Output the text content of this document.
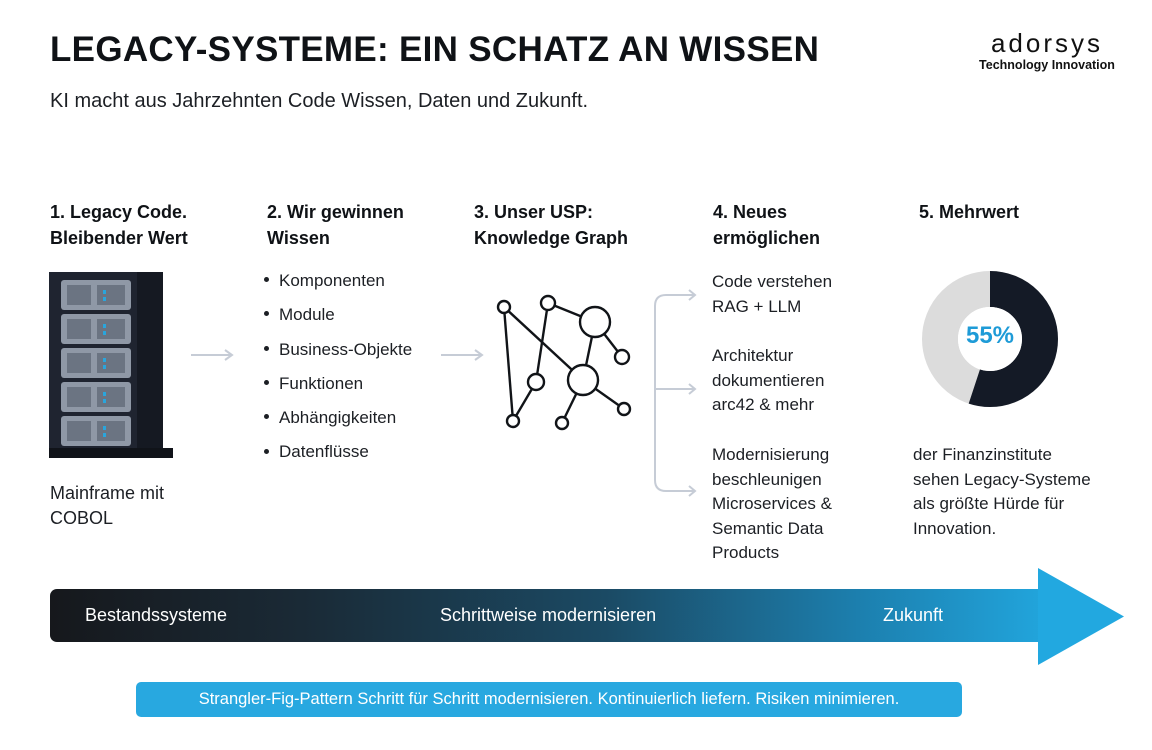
LEGACY-SYSTEME: EIN SCHATZ AN WISSEN
KI macht aus Jahrzehnten Code Wissen, Daten und Zukunft.
adorsys
Technology Innovation
1. Legacy Code.
Bleibender Wert
Mainframe mit
COBOL
2. Wir gewinnen
Wissen
Komponenten
Module
Business-Objekte
Funktionen
Abhängigkeiten
Datenflüsse
3. Unser USP:
Knowledge Graph
4. Neues
ermöglichen
Code verstehen
RAG + LLM
Architektur
dokumentieren
arc42 & mehr
Modernisierung
beschleunigen
Microservices &
Semantic Data
Products
5. Mehrwert
55%
der Finanzinstitute
sehen Legacy-Systeme
als größte Hürde für
Innovation.
Bestandssysteme	Schrittweise modernisieren	Zukunft
Strangler-Fig-Pattern Schritt für Schritt modernisieren. Kontinuierlich liefern. Risiken minimieren.
